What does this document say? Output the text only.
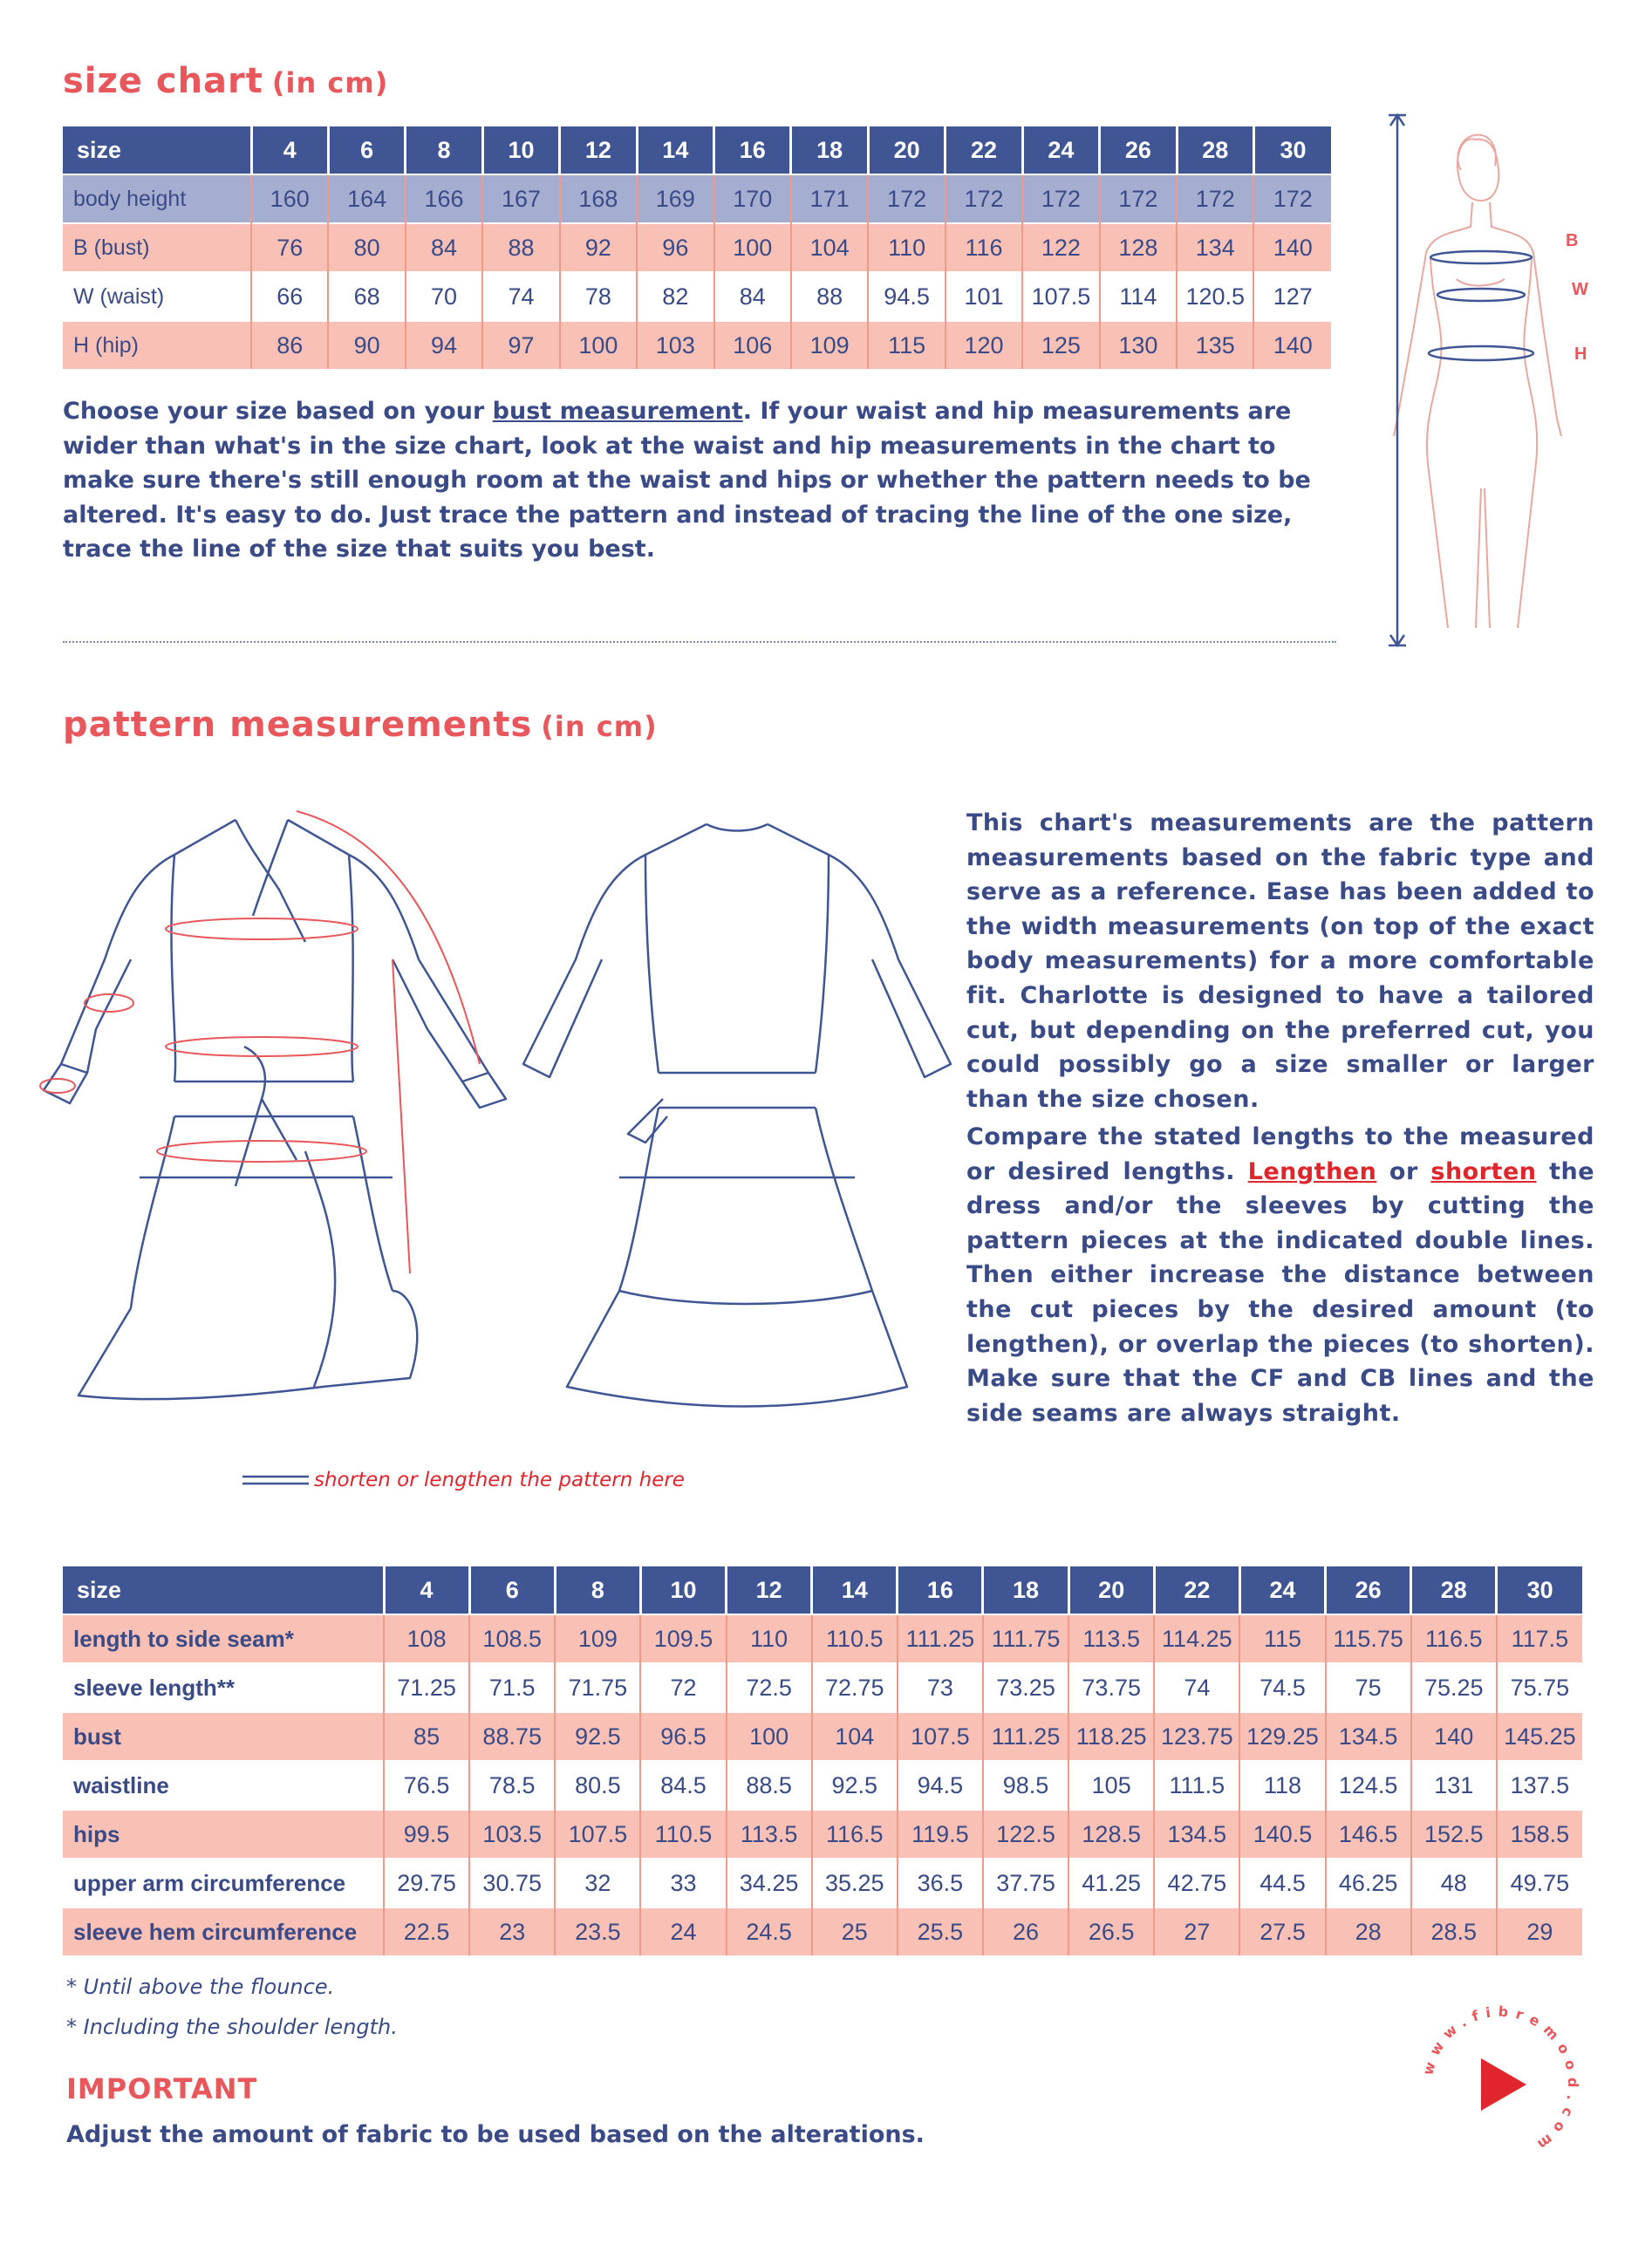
size chart (in cm)
size	4	6	8	10	12	14	16	18	20	22	24	26	28	30
body height	160	164	166	167	168	169	170	171	172	172	172	172	172	172
B (bust)	76	80	84	88	92	96	100	104	110	116	122	128	134	140
W (waist)	66	68	70	74	78	82	84	88	94.5	101	107.5	114	120.5	127
H (hip)	86	90	94	97	100	103	106	109	115	120	125	130	135	140
Choose your size based on your bust measurement. If your waist and hip measurements are wider than what's in the size chart, look at the waist and hip measurements in the chart to make sure there's still enough room at the waist and hips or whether the pattern needs to be altered. It's easy to do. Just trace the pattern and instead of tracing the line of the one size, trace the line of the size that suits you best.
B
W
H
pattern measurements (in cm)
shorten or lengthen the pattern here
This chart's measurements are the pattern measurements based on the fabric type and serve as a reference. Ease has been added to the width measurements (on top of the exact body measurements) for a more comfortable fit. Charlotte is designed to have a tailored cut, but depending on the preferred cut, you could possibly go a size smaller or larger than the size chosen.
Compare the stated lengths to the measured or desired lengths. Lengthen or shorten the dress and/or the sleeves by cutting the pattern pieces at the indicated double lines. Then either increase the distance between the cut pieces by the desired amount (to lengthen), or overlap the pieces (to shorten). Make sure that the CF and CB lines and the side seams are always straight.
size	4	6	8	10	12	14	16	18	20	22	24	26	28	30
length to side seam*	108	108.5	109	109.5	110	110.5	111.25	111.75	113.5	114.25	115	115.75	116.5	117.5
sleeve length**	71.25	71.5	71.75	72	72.5	72.75	73	73.25	73.75	74	74.5	75	75.25	75.75
bust	85	88.75	92.5	96.5	100	104	107.5	111.25	118.25	123.75	129.25	134.5	140	145.25
waistline	76.5	78.5	80.5	84.5	88.5	92.5	94.5	98.5	105	111.5	118	124.5	131	137.5
hips	99.5	103.5	107.5	110.5	113.5	116.5	119.5	122.5	128.5	134.5	140.5	146.5	152.5	158.5
upper arm circumference	29.75	30.75	32	33	34.25	35.25	36.5	37.75	41.25	42.75	44.5	46.25	48	49.75
sleeve hem circumference	22.5	23	23.5	24	24.5	25	25.5	26	26.5	27	27.5	28	28.5	29
* Until above the flounce.
* Including the shoulder length.
IMPORTANT
Adjust the amount of fabric to be used based on the alterations.
www.fibremood.com
